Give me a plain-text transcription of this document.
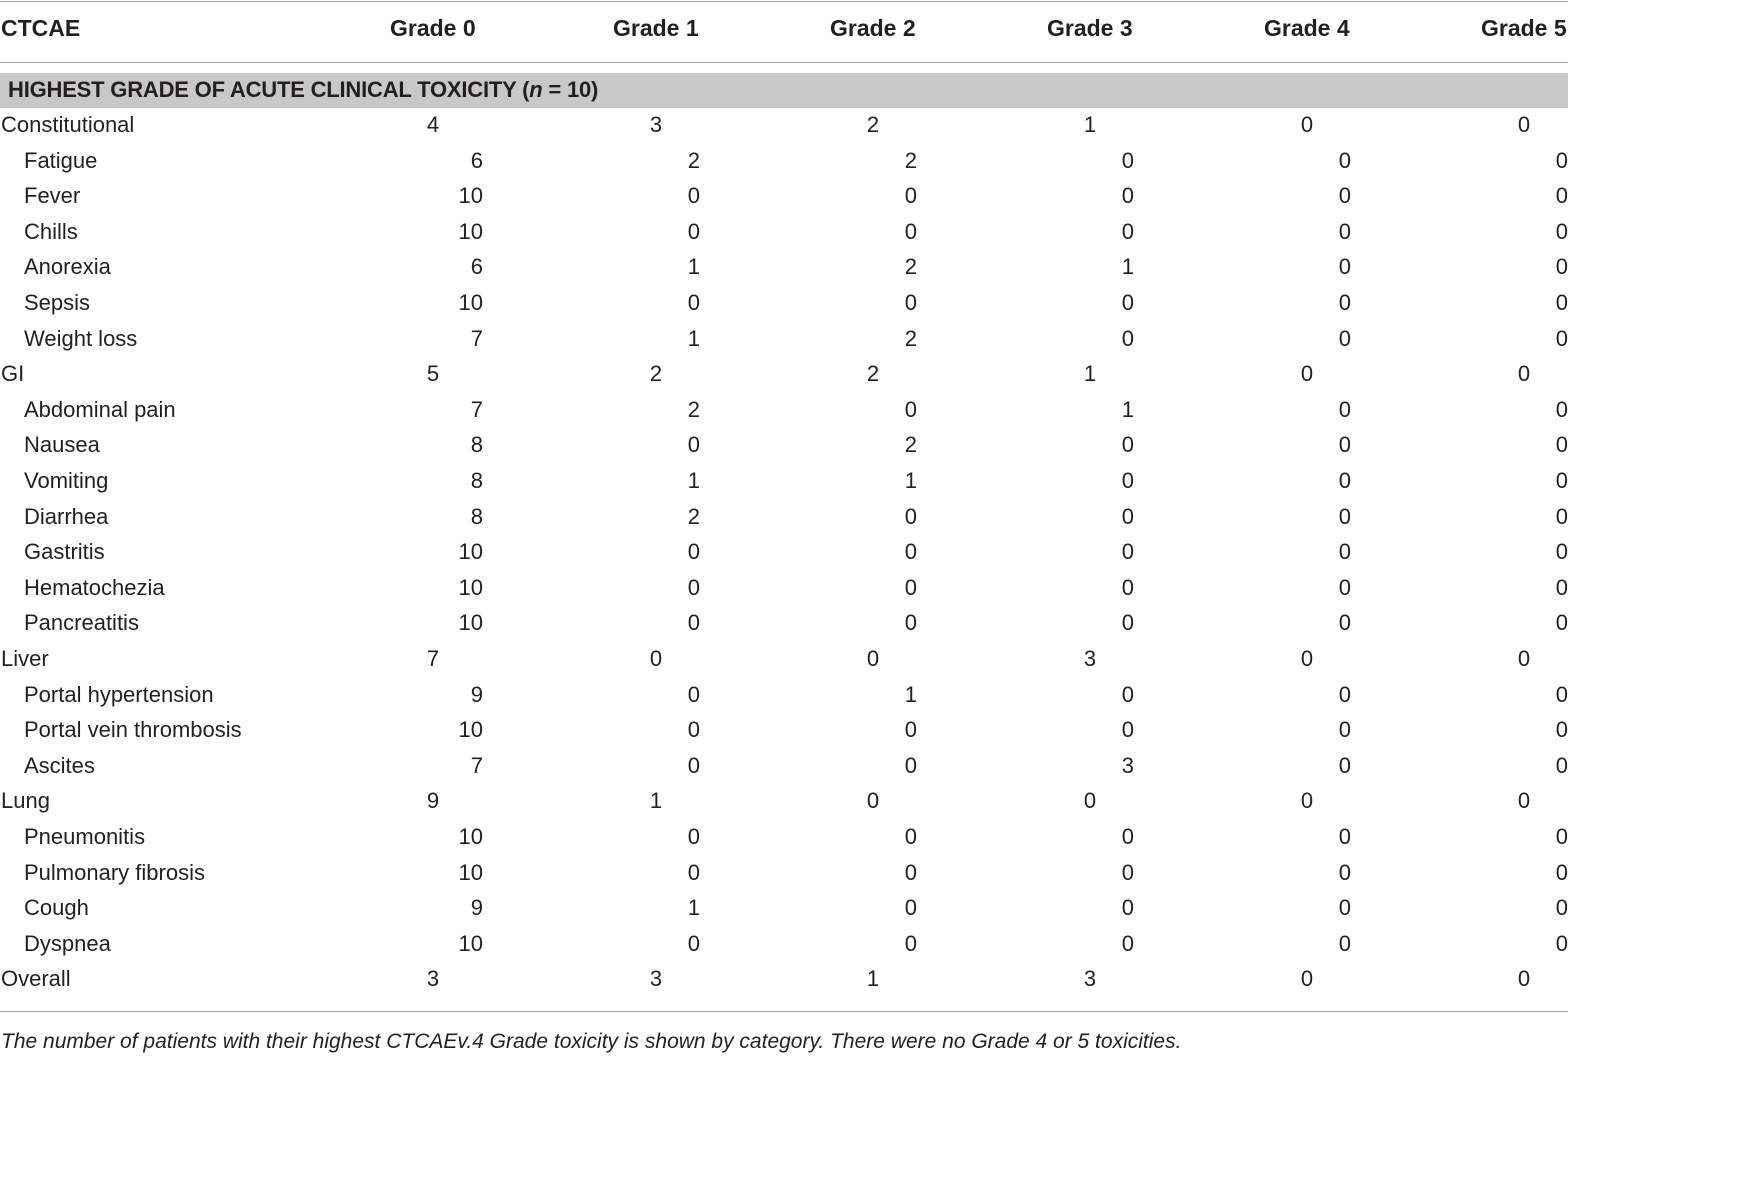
CTCAE	Grade 0	Grade 1	Grade 2	Grade 3	Grade 4	Grade 5
HIGHEST GRADE OF ACUTE CLINICAL TOXICITY (n = 10)
Constitutional	4	3	2	1	0	0
Fatigue	6	2	2	0	0	0
Fever	10	0	0	0	0	0
Chills	10	0	0	0	0	0
Anorexia	6	1	2	1	0	0
Sepsis	10	0	0	0	0	0
Weight loss	7	1	2	0	0	0
GI	5	2	2	1	0	0
Abdominal pain	7	2	0	1	0	0
Nausea	8	0	2	0	0	0
Vomiting	8	1	1	0	0	0
Diarrhea	8	2	0	0	0	0
Gastritis	10	0	0	0	0	0
Hematochezia	10	0	0	0	0	0
Pancreatitis	10	0	0	0	0	0
Liver	7	0	0	3	0	0
Portal hypertension	9	0	1	0	0	0
Portal vein thrombosis	10	0	0	0	0	0
Ascites	7	0	0	3	0	0
Lung	9	1	0	0	0	0
Pneumonitis	10	0	0	0	0	0
Pulmonary fibrosis	10	0	0	0	0	0
Cough	9	1	0	0	0	0
Dyspnea	10	0	0	0	0	0
Overall	3	3	1	3	0	0
The number of patients with their highest CTCAEv.4 Grade toxicity is shown by category. There were no Grade 4 or 5 toxicities.
